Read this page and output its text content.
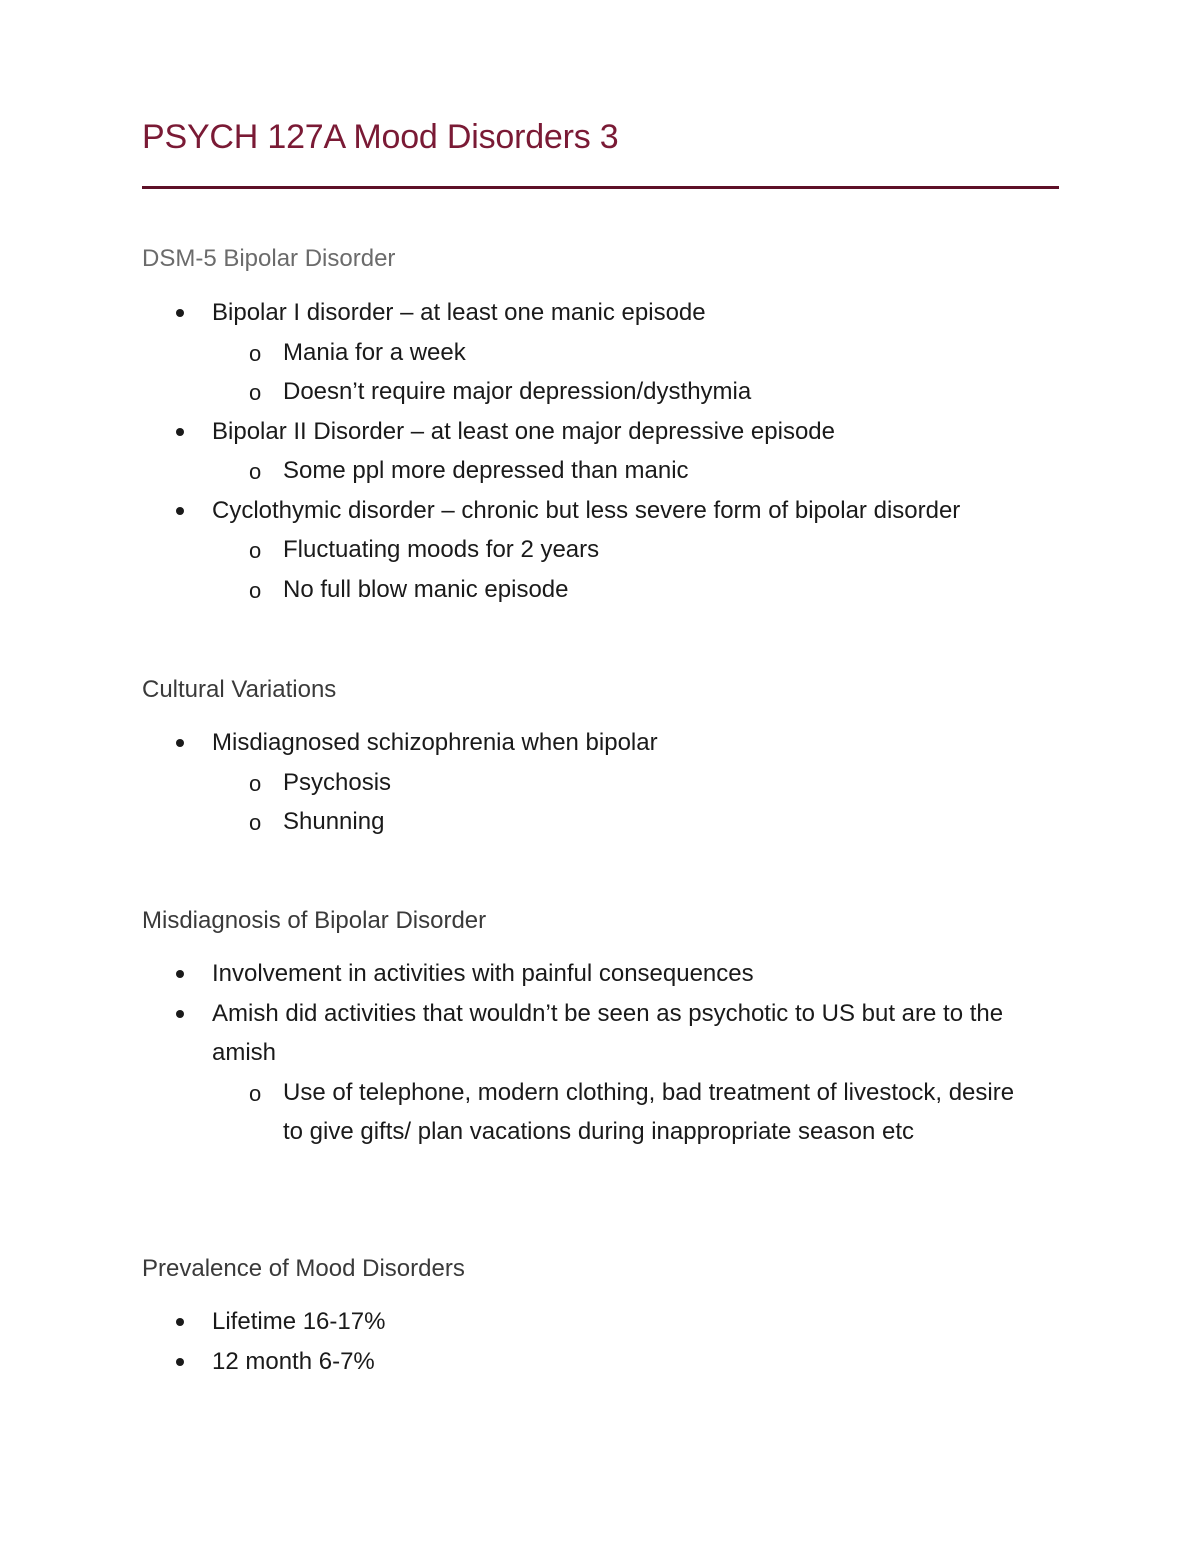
PSYCH 127A Mood Disorders 3
DSM-5 Bipolar Disorder
Bipolar I disorder – at least one manic episode
o Mania for a week
o Doesn’t require major depression/dysthymia
Bipolar II Disorder – at least one major depressive episode
o Some ppl more depressed than manic
Cyclothymic disorder – chronic but less severe form of bipolar disorder
o Fluctuating moods for 2 years
o No full blow manic episode
Cultural Variations
Misdiagnosed schizophrenia when bipolar
o Psychosis
o Shunning
Misdiagnosis of Bipolar Disorder
Involvement in activities with painful consequences
Amish did activities that wouldn’t be seen as psychotic to US but are to the amish
o Use of telephone, modern clothing, bad treatment of livestock, desire to give gifts/ plan vacations during inappropriate season etc
Prevalence of Mood Disorders
Lifetime 16-17%
12 month 6-7%
